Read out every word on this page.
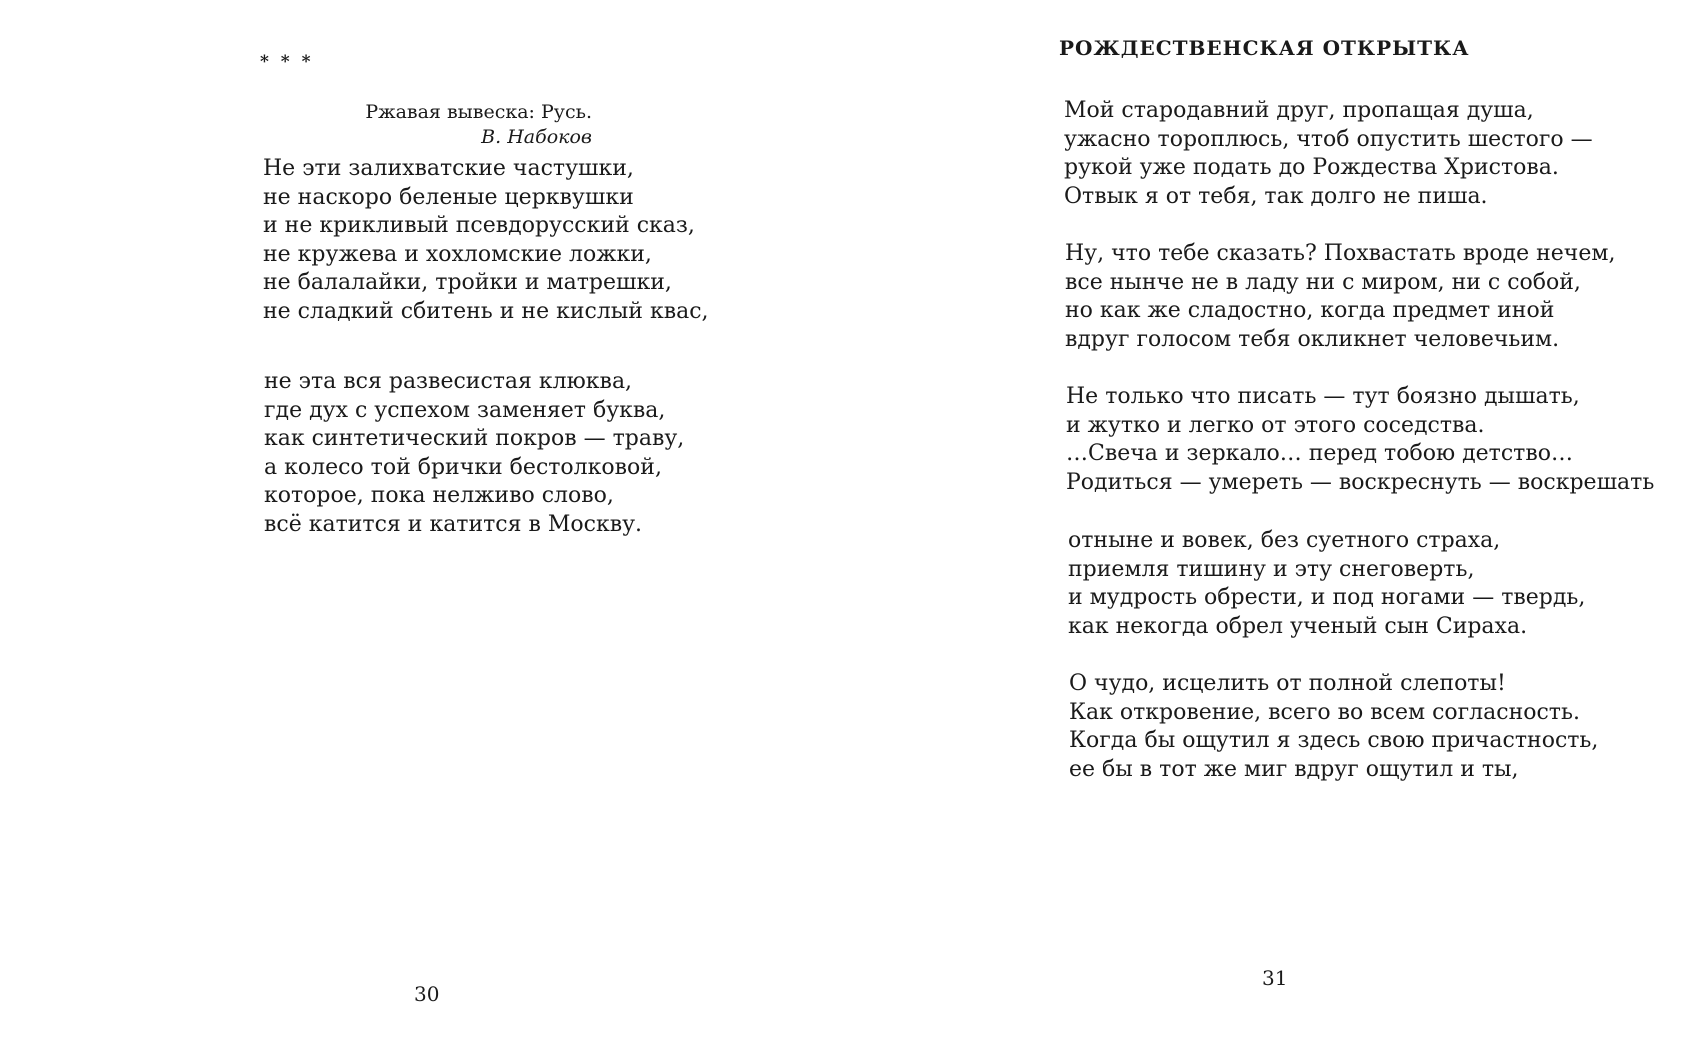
* * *
Ржавая вывеска: Русь.
В. Набоков
Не эти залихватские частушки,
не наскоро беленые церквушки
и не крикливый псевдорусский сказ,
не кружева и хохломские ложки,
не балалайки, тройки и матрешки,
не сладкий сбитень и не кислый квас,
не эта вся развесистая клюква,
где дух с успехом заменяет буква,
как синтетический покров — траву,
а колесо той брички бестолковой,
которое, пока нелживо слово,
всё катится и катится в Москву.
30
РОЖДЕСТВЕНСКАЯ ОТКРЫТКА
Мой стародавний друг, пропащая душа,
ужасно тороплюсь, чтоб опустить шестого —
рукой уже подать до Рождества Христова.
Отвык я от тебя, так долго не пиша.
Ну, что тебе сказать? Похвастать вроде нечем,
все нынче не в ладу ни с миром, ни с собой,
но как же сладостно, когда предмет иной
вдруг голосом тебя окликнет человечьим.
Не только что писать — тут боязно дышать,
и жутко и легко от этого соседства.
…Свеча и зеркало… перед тобою детство…
Родиться — умереть — воскреснуть — воскрешать
отныне и вовек, без суетного страха,
приемля тишину и эту снеговерть,
и мудрость обрести, и под ногами — твердь,
как некогда обрел ученый сын Сираха.
О чудо, исцелить от полной слепоты!
Как откровение, всего во всем согласность.
Когда бы ощутил я здесь свою причастность,
ее бы в тот же миг вдруг ощутил и ты,
31
